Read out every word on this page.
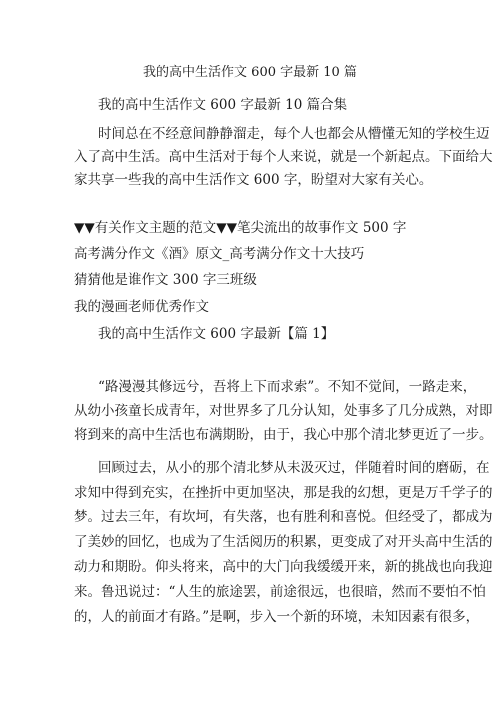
我的高中生活作文 600 字最新 10 篇
我的高中生活作文 600 字最新 10 篇合集
时间总在不经意间静静溜走，每个人也都会从懵懂无知的学校生迈
入了高中生活。高中生活对于每个人来说，就是一个新起点。下面给大
家共享一些我的高中生活作文 600 字，盼望对大家有关心。
▼▼有关作文主题的范文▼▼笔尖流出的故事作文 500 字
高考满分作文《酒》原文_高考满分作文十大技巧
猜猜他是谁作文 300 字三班级
我的漫画老师优秀作文
我的高中生活作文 600 字最新【篇 1】
“路漫漫其修远兮，吾将上下而求索”。不知不觉间，一路走来，
从幼小孩童长成青年，对世界多了几分认知，处事多了几分成熟，对即
将到来的高中生活也布满期盼，由于，我心中那个清北梦更近了一步。
回顾过去，从小的那个清北梦从未汲灭过，伴随着时间的磨砺，在
求知中得到充实，在挫折中更加坚决，那是我的幻想，更是万千学子的
梦。过去三年，有坎坷，有失落，也有胜利和喜悦。但经受了，都成为
了美妙的回忆，也成为了生活阅历的积累，更变成了对开头高中生活的
动力和期盼。仰头将来，高中的大门向我缓缓开来，新的挑战也向我迎
来。鲁迅说过：“人生的旅途罢，前途很远，也很暗，然而不要怕不怕
的，人的前面才有路。”是啊，步入一个新的环境，未知因素有很多，
